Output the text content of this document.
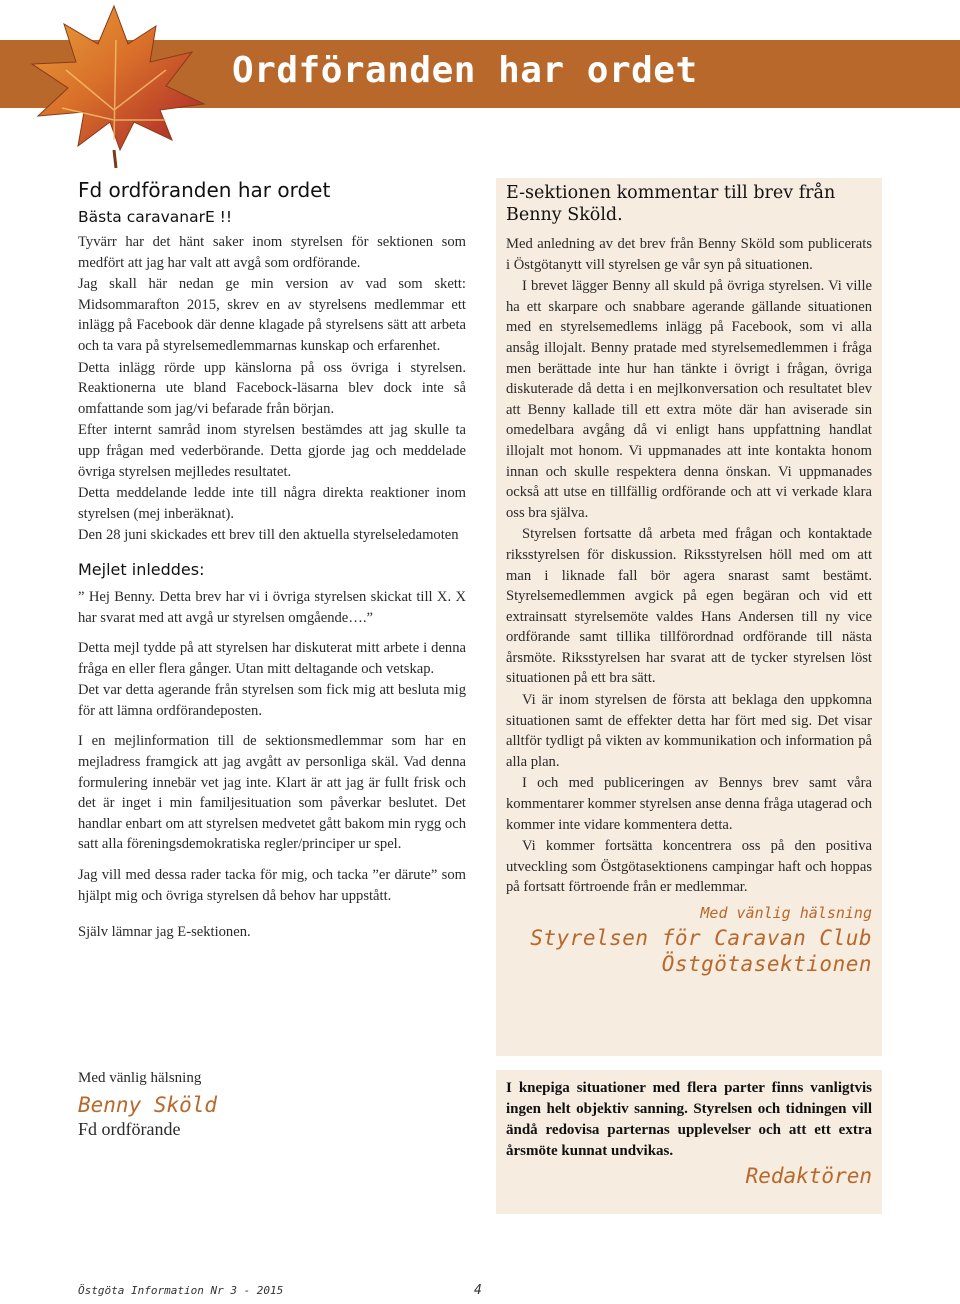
Ordföranden har ordet
Fd ordföranden har ordet
Bästa caravanarE !!

Tyvärr har det hänt saker inom styrelsen för sektionen som medfört att jag har valt att avgå som ordförande.

Jag skall här nedan ge min version av vad som skett: Midsommarafton 2015, skrev en av styrelsens medlemmar ett inlägg på Facebook där denne klagade på styrelsens sätt att arbeta och ta vara på styrelsemedlemmarnas kunskap och erfarenhet.

Detta inlägg rörde upp känslorna på oss övriga i styrelsen. Reaktionerna ute bland Facebock-läsarna blev dock inte så omfattande som jag/vi befarade från början.

Efter internt samråd inom styrelsen bestämdes att jag skulle ta upp frågan med vederbörande. Detta gjorde jag och meddelade övriga styrelsen mejlledes resultatet.

Detta meddelande ledde inte till några direkta reaktioner inom styrelsen (mej inberäknat).

Den 28 juni skickades ett brev till den aktuella styrelseledamoten

Mejlet inleddes:

” Hej Benny. Detta brev har vi i övriga styrelsen skickat till X. X har svarat med att avgå ur styrelsen omgående….”

Detta mejl tydde på att styrelsen har diskuterat mitt arbete i denna fråga en eller flera gånger. Utan mitt deltagande och vetskap.

Det var detta agerande från styrelsen som fick mig att besluta mig för att lämna ordförandeposten.

I en mejlinformation till de sektionsmedlemmar som har en mejladress framgick att jag avgått av personliga skäl. Vad denna formulering innebär vet jag inte. Klart är att jag är fullt frisk och det är inget i min familjesituation som påverkar beslutet. Det handlar enbart om att styrelsen medvetet gått bakom min rygg och satt alla föreningsdemokratiska regler/principer ur spel.

Jag vill med dessa rader tacka för mig, och tacka ”er därute” som hjälpt mig och övriga styrelsen då behov har uppstått.

Själv lämnar jag E-sektionen.

Med vänlig hälsning

Benny Sköld

Fd ordförande

E-sektionen kommentar till brev från Benny Sköld.

Med anledning av det brev från Benny Sköld som publicerats i Östgötanytt vill styrelsen ge vår syn på situationen.

I brevet lägger Benny all skuld på övriga styrelsen. Vi ville ha ett skarpare och snabbare agerande gällande situationen med en styrelsemedlems inlägg på Facebook, som vi alla ansåg illojalt. Benny pratade med styrelsemedlemmen i fråga men berättade inte hur han tänkte i övrigt i frågan, övriga diskuterade då detta i en mejlkonversation och resultatet blev att Benny kallade till ett extra möte där han aviserade sin omedelbara avgång då vi enligt hans uppfattning handlat illojalt mot honom. Vi uppmanades att inte kontakta honom innan och skulle respektera denna önskan. Vi uppmanades också att utse en tillfällig ordförande och att vi verkade klara oss bra själva.

Styrelsen fortsatte då arbeta med frågan och kontaktade riksstyrelsen för diskussion. Riksstyrelsen höll med om att man i liknade fall bör agera snarast samt bestämt. Styrelsemedlemmen avgick på egen begäran och vid ett extrainsatt styrelsemöte valdes Hans Andersen till ny vice ordförande samt tillika tillförordnad ordförande till nästa årsmöte. Riksstyrelsen har svarat att de tycker styrelsen löst situationen på ett bra sätt.

Vi är inom styrelsen de första att beklaga den uppkomna situationen samt de effekter detta har fört med sig. Det visar alltför tydligt på vikten av kommunikation och information på alla plan.

I och med publiceringen av Bennys brev samt våra kommentarer kommer styrelsen anse denna fråga utagerad och kommer inte vidare kommentera detta.

Vi kommer fortsätta koncentrera oss på den positiva utveckling som Östgötasektionens campingar haft och hoppas på fortsatt förtroende från er medlemmar.

Med vänlig hälsning

Styrelsen för Caravan Club

Östgötasektionen

I knepiga situationer med flera parter finns vanligtvis ingen helt objektiv sanning. Styrelsen och tidningen vill ändå redovisa parternas upplevelser och att ett extra årsmöte kunnat undvikas.

Redaktören

Östgöta Information Nr 3 - 2015	4
